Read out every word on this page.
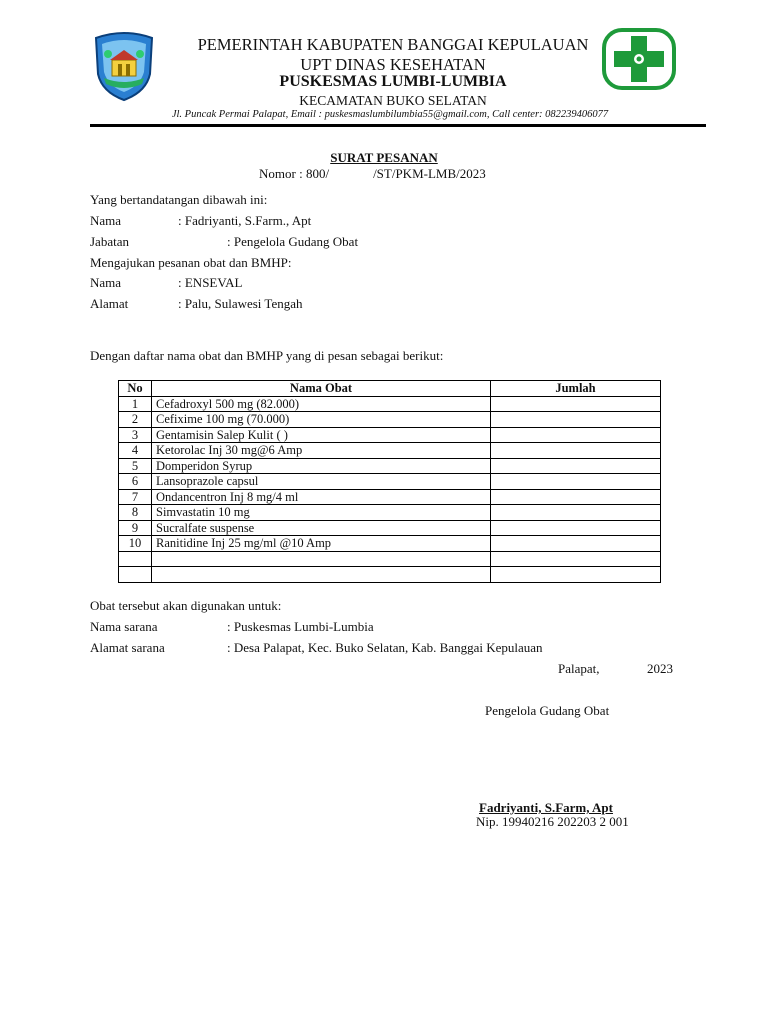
PEMERINTAH KABUPATEN BANGGAI KEPULAUAN
UPT DINAS KESEHATAN
PUSKESMAS LUMBI-LUMBIA
KECAMATAN BUKO SELATAN
Jl. Puncak Permai Palapat, Email : puskesmaslumbilumbia55@gmail.com, Call center: 082239406077
SURAT PESANAN
Nomor : 800/	/ST/PKM-LMB/2023
Yang bertandatangan dibawah ini:
Nama	: Fadriyanti, S.Farm., Apt
Jabatan	: Pengelola Gudang Obat
Mengajukan pesanan obat dan BMHP:
Nama	: ENSEVAL
Alamat	: Palu, Sulawesi Tengah
Dengan daftar nama obat dan BMHP yang di pesan sebagai berikut:
No	Nama Obat	Jumlah
1	Cefadroxyl 500 mg (82.000)	
2	Cefixime 100 mg (70.000)	
3	Gentamisin Salep Kulit ( )	
4	Ketorolac Inj 30 mg@6 Amp	
5	Domperidon Syrup	
6	Lansoprazole capsul	
7	Ondancentron Inj 8 mg/4 ml	
8	Simvastatin 10 mg	
9	Sucralfate suspense	
10	Ranitidine Inj 25 mg/ml @10 Amp	

Obat tersebut akan digunakan untuk:
Nama sarana	: Puskesmas Lumbi-Lumbia
Alamat sarana	: Desa Palapat, Kec. Buko Selatan, Kab. Banggai Kepulauan
Palapat,	2023
Pengelola Gudang Obat
Fadriyanti, S.Farm, Apt
Nip. 19940216 202203 2 001
